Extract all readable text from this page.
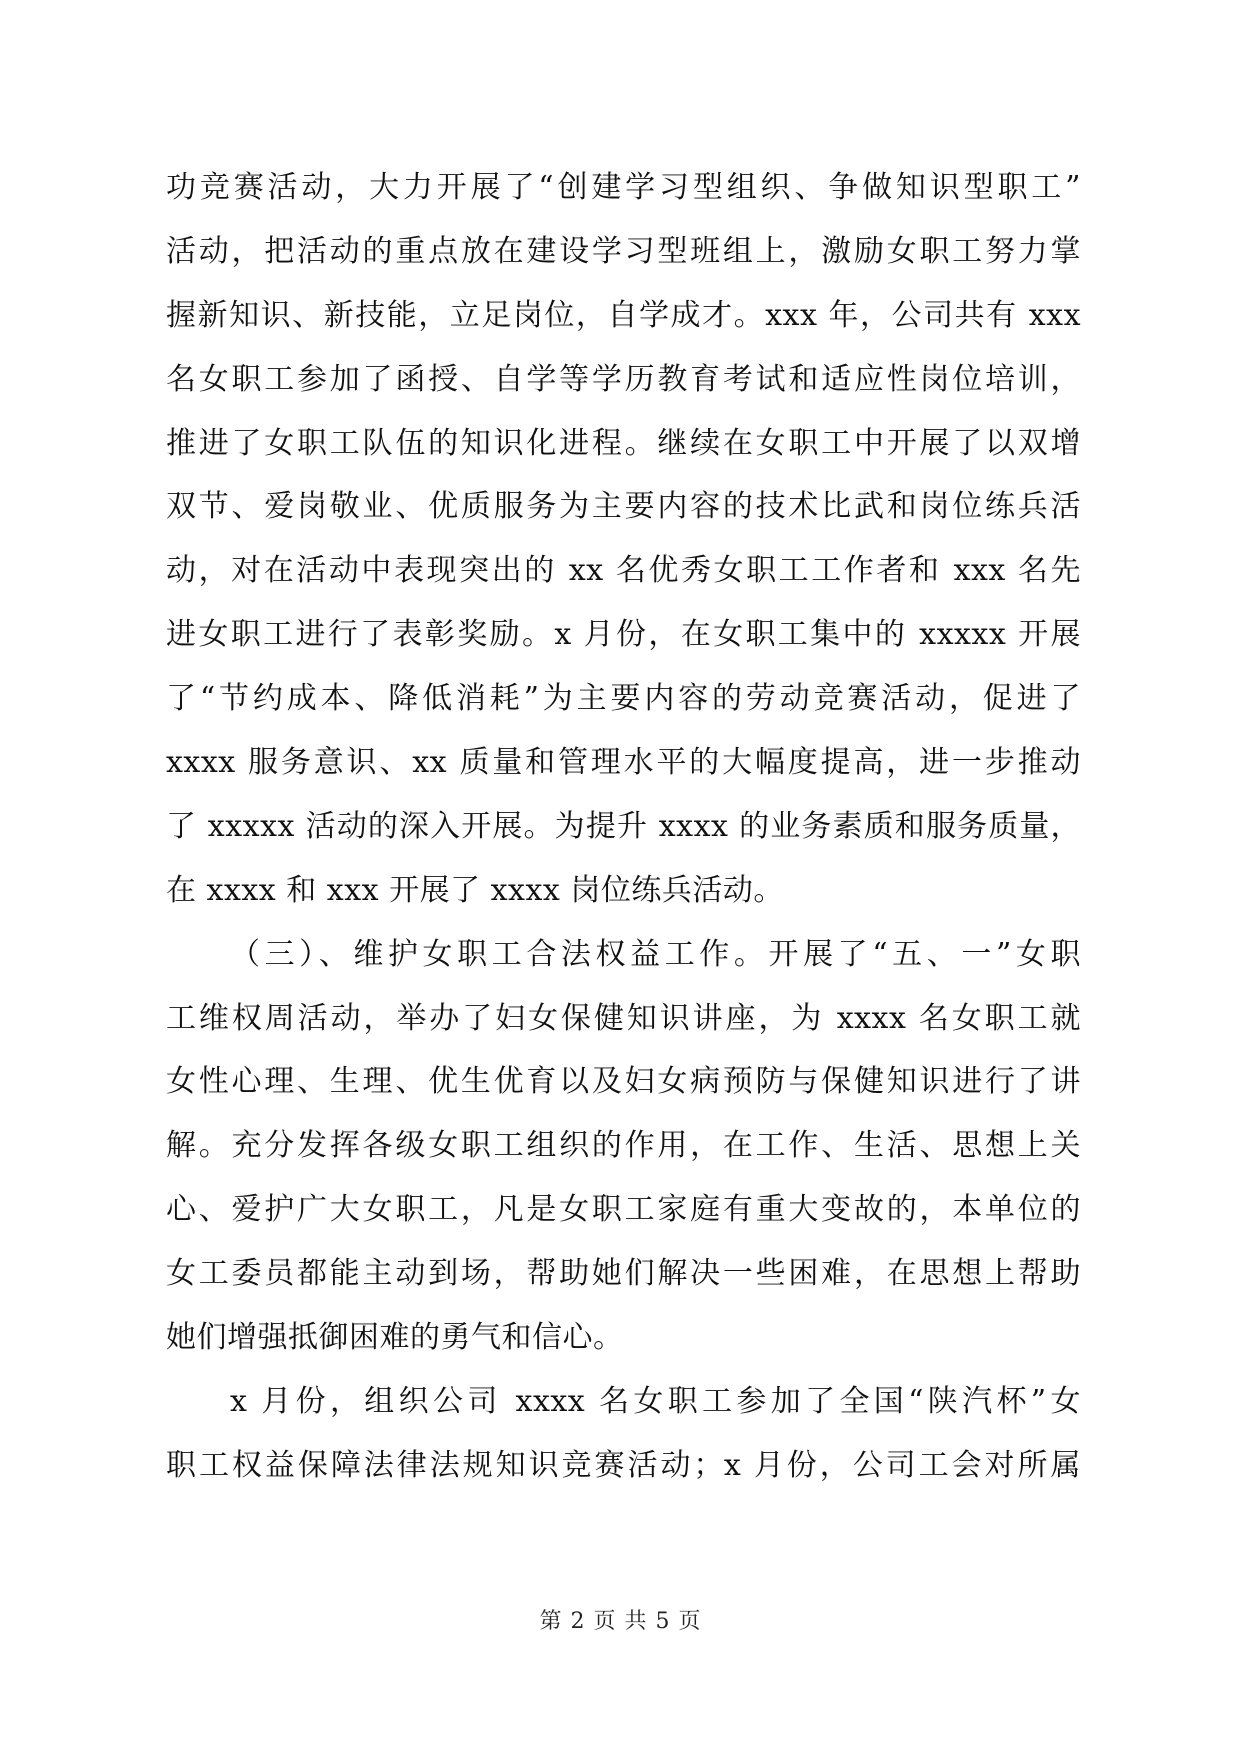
功竞赛活动，大力开展了“创建学习型组织、争做知识型职工”
活动，把活动的重点放在建设学习型班组上，激励女职工努力掌
握新知识、新技能，立足岗位，自学成才。xxx 年，公司共有 xxx
名女职工参加了函授、自学等学历教育考试和适应性岗位培训，
推进了女职工队伍的知识化进程。继续在女职工中开展了以双增
双节、爱岗敬业、优质服务为主要内容的技术比武和岗位练兵活
动，对在活动中表现突出的 xx 名优秀女职工工作者和 xxx 名先
进女职工进行了表彰奖励。x 月份，在女职工集中的 xxxxx 开展
了“节约成本、降低消耗”为主要内容的劳动竞赛活动，促进了
xxxx 服务意识、xx 质量和管理水平的大幅度提高，进一步推动
了 xxxxx 活动的深入开展。为提升 xxxx 的业务素质和服务质量，
在 xxxx 和 xxx 开展了 xxxx 岗位练兵活动。
（三）、维护女职工合法权益工作。开展了“五、一”女职
工维权周活动，举办了妇女保健知识讲座，为 xxxx 名女职工就
女性心理、生理、优生优育以及妇女病预防与保健知识进行了讲
解。充分发挥各级女职工组织的作用，在工作、生活、思想上关
心、爱护广大女职工，凡是女职工家庭有重大变故的，本单位的
女工委员都能主动到场，帮助她们解决一些困难，在思想上帮助
她们增强抵御困难的勇气和信心。
x 月份，组织公司 xxxx 名女职工参加了全国“陕汽杯”女
职工权益保障法律法规知识竞赛活动；x 月份，公司工会对所属
第 2 页 共 5 页
